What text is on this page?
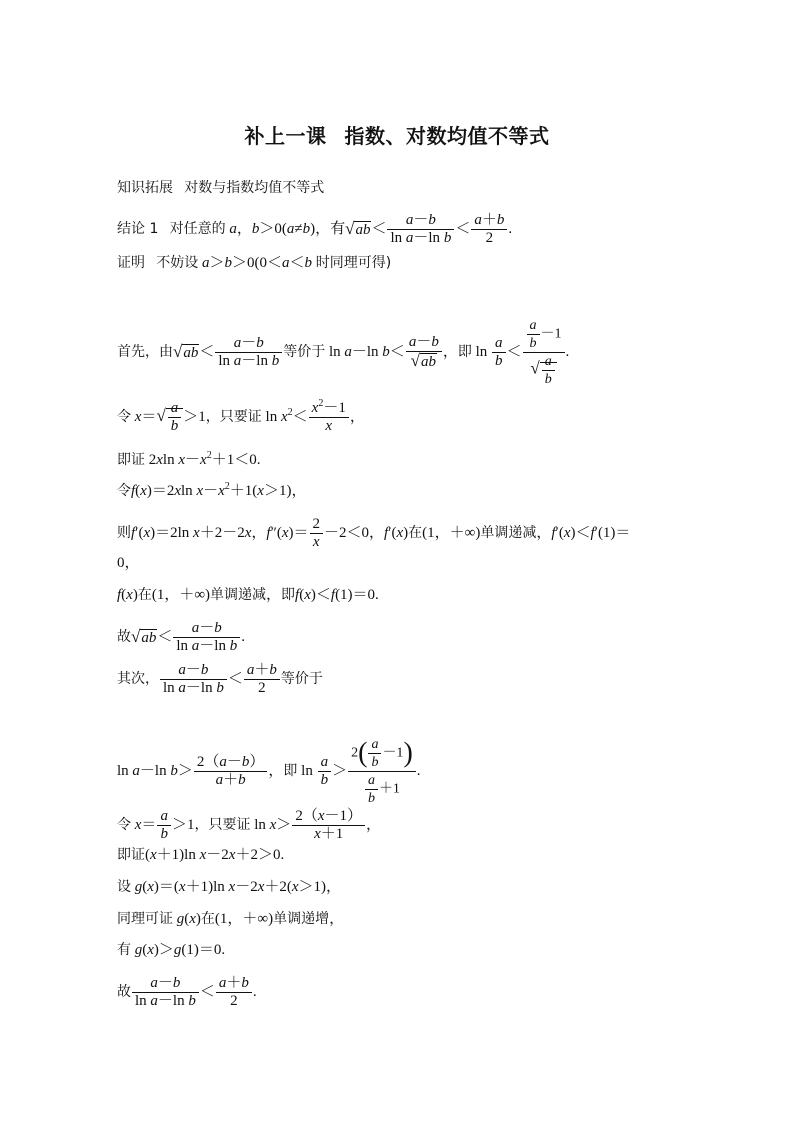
补上一课 指数、对数均值不等式
知识拓展 对数与指数均值不等式
结论 1 对任意的 a，b＞0(a≠b)，有$√ab< \frac{a-b}{\text{ln a－ln b}} < \frac{a+b}{2}$ .
证明 不妨设 a＞b＞0(0＜a＜b 时同理可得)
首先，由$√ab< \frac{a-b}{\text{ln a－ln b}}$ 等价于 ln a－ln $b< \frac{a-b}{√ab}$ ，即 $\ln \frac{a}{b} < \frac{\frac{a}{b} -1}{√ \frac{a}{b}}$ .
令 $x=√ \frac{a}{b} >1$，只要证 $\ln x^2< \frac{x^2-1}{x}$ ，
即证 2xln $x-x^2+1<0$.
令f(x)＝2xln $x-x^2+1(x>1)$，
则f′(x)＝2ln x＋2－2x，$f''(x)= \frac{2}{x} -2<0$，f′(x)在(1，＋∞)单调递减，f′(x)＜f′(1)＝
0，
f(x)在(1，＋∞)单调递减，即f(x)＜f(1)＝0.
故$√ab< \frac{a-b}{\text{ln a－ln b}}$ .
其次， $\frac{a-b}{\text{ln a－ln b}} < \frac{a+b}{2}$ 等价于
ln a－ln $b> \frac{2(a-b)}{a+b}$ ，即 $\ln \frac{a}{b} > \frac{2( \frac{a}{b} -1)}{\frac{a}{b} +1}$ .
令 $x= \frac{a}{b} >1$，只要证 $\ln x> \frac{2(x-1)}{x+1}$ ，
即证(x＋1)ln x－2x＋2＞0.
设 g(x)＝(x＋1)ln x－2x＋2(x＞1)，
同理可证 g(x)在(1，＋∞)单调递增，
有 g(x)＞g(1)＝0.
故 $\frac{a-b}{\text{ln a－ln b}} < \frac{a+b}{2}$ .
